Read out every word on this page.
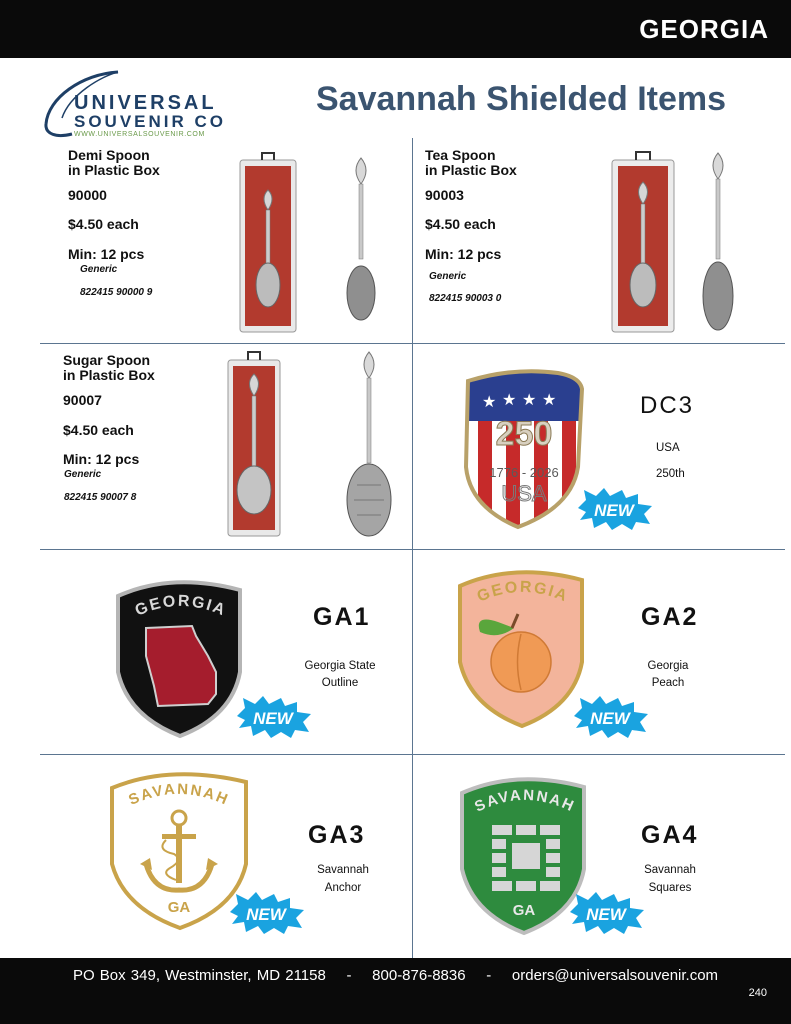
GEORGIA
UNIVERSAL
SOUVENIR CO
WWW.UNIVERSALSOUVENIR.COM
Savannah Shielded Items
Demi Spoon
in Plastic Box
90000
$4.50 each
Min: 12 pcs
Generic
822415 90000 9
Tea Spoon
in Plastic Box
90003
$4.50 each
Min: 12 pcs
Generic
822415 90003 0
Sugar Spoon
in Plastic Box
90007
$4.50 each
Min: 12 pcs
Generic
822415 90007 8
★ ★ ★ ★
250
1776 - 2026
USA
NEW
DC3
USA
250th
GEORGIA
NEW
GA1
Georgia State
Outline
GEORGIA
NEW
GA2
Georgia
Peach
SAVANNAH
GA	NEW
GA3
Savannah
Anchor
SAVANNAH
GA	NEW
GA4
Savannah
Squares
PO Box 349, Westminster, MD 21158    -    800-876-8836    -    orders@universalsouvenir.com
240
